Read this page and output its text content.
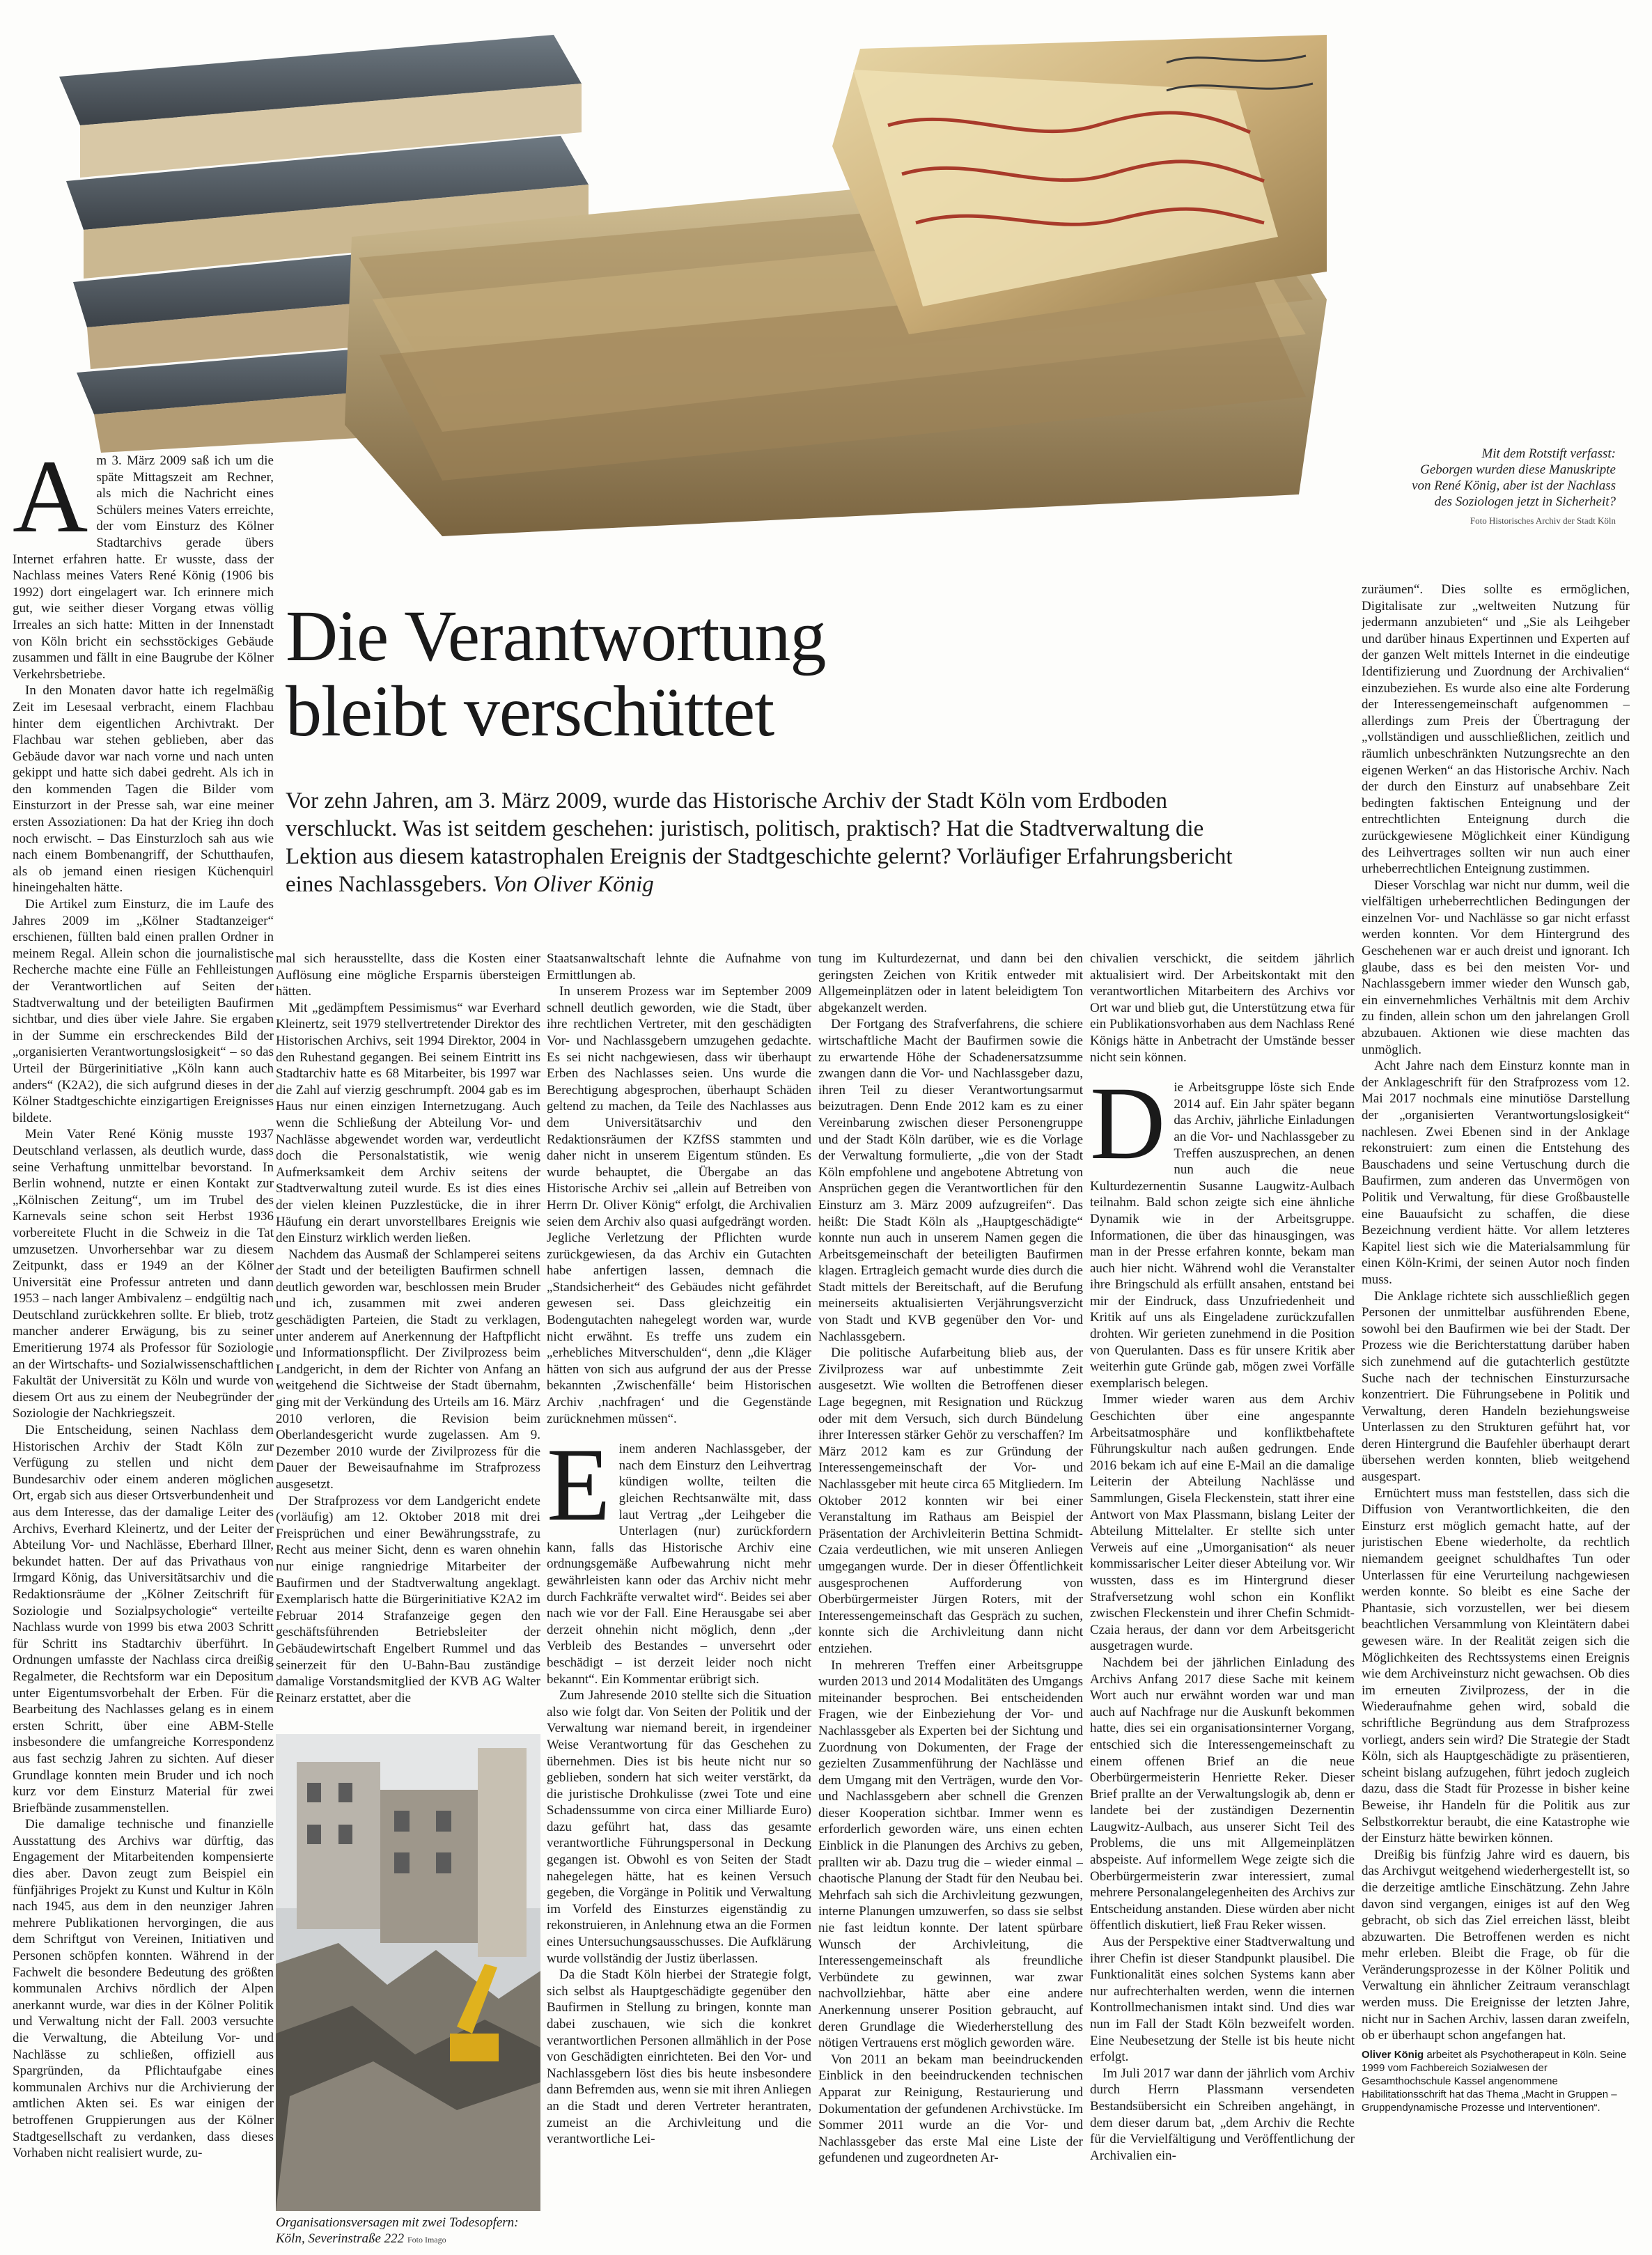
Mit dem Rotstift verfasst:
Geborgen wurden diese Manuskripte
von René König, aber ist der Nachlass
des Soziologen jetzt in Sicherheit?
Foto Historisches Archiv der Stadt Köln
Die Verantwortung
bleibt verschüttet

Vor zehn Jahren, am 3. März 2009, wurde das Historische Archiv der Stadt Köln vom Erdboden verschluckt. Was ist seitdem geschehen: juristisch, politisch, praktisch? Hat die Stadtverwaltung die Lektion aus diesem katastrophalen Ereignis der Stadtgeschichte gelernt? Vorläufiger Erfahrungsbericht eines Nachlassgebers. Von Oliver König

Am 3. März 2009 saß ich um die späte Mittagszeit am Rechner, als mich die Nachricht eines Schülers meines Vaters erreichte, der vom Einsturz des Kölner Stadtarchivs gerade übers Internet erfahren hatte. Er wusste, dass der Nachlass meines Vaters René König (1906 bis 1992) dort eingelagert war. Ich erinnere mich gut, wie seither dieser Vorgang etwas völlig Irreales an sich hatte: Mitten in der Innenstadt von Köln bricht ein sechsstöckiges Gebäude zusammen und fällt in eine Baugrube der Kölner Verkehrsbetriebe.

In den Monaten davor hatte ich regelmäßig Zeit im Lesesaal verbracht, einem Flachbau hinter dem eigentlichen Archivtrakt. Der Flachbau war stehen geblieben, aber das Gebäude davor war nach vorne und nach unten gekippt und hatte sich dabei gedreht. Als ich in den kommenden Tagen die Bilder vom Einsturzort in der Presse sah, war eine meiner ersten Assoziationen: Da hat der Krieg ihn doch noch erwischt. – Das Einsturzloch sah aus wie nach einem Bombenangriff, der Schutthaufen, als ob jemand einen riesigen Küchenquirl hineingehalten hätte.

Die Artikel zum Einsturz, die im Laufe des Jahres 2009 im „Kölner Stadtanzeiger“ erschienen, füllten bald einen prallen Ordner in meinem Regal. Allein schon die journalistische Recherche machte eine Fülle an Fehlleistungen der Verantwortlichen auf Seiten der Stadtverwaltung und der beteiligten Baufirmen sichtbar, und dies über viele Jahre. Sie ergaben in der Summe ein erschreckendes Bild der „organisierten Verantwortungslosigkeit“ – so das Urteil der Bürgerinitiative „Köln kann auch anders“ (K2A2), die sich aufgrund dieses in der Kölner Stadtgeschichte einzigartigen Ereignisses bildete.

Mein Vater René König musste 1937 Deutschland verlassen, als deutlich wurde, dass seine Verhaftung unmittelbar bevorstand. In Berlin wohnend, nutzte er einen Kontakt zur „Kölnischen Zeitung“, um im Trubel des Karnevals seine schon seit Herbst 1936 vorbereitete Flucht in die Schweiz in die Tat umzusetzen. Unvorhersehbar war zu diesem Zeitpunkt, dass er 1949 an der Kölner Universität eine Professur antreten und dann 1953 – nach langer Ambivalenz – endgültig nach Deutschland zurückkehren sollte. Er blieb, trotz mancher anderer Erwägung, bis zu seiner Emeritierung 1974 als Professor für Soziologie an der Wirtschafts- und Sozialwissenschaftlichen Fakultät der Universität zu Köln und wurde von diesem Ort aus zu einem der Neubegründer der Soziologie der Nachkriegszeit.

Die Entscheidung, seinen Nachlass dem Historischen Archiv der Stadt Köln zur Verfügung zu stellen und nicht dem Bundesarchiv oder einem anderen möglichen Ort, ergab sich aus dieser Ortsverbundenheit und aus dem Interesse, das der damalige Leiter des Archivs, Everhard Kleinertz, und der Leiter der Abteilung Vor- und Nachlässe, Eberhard Illner, bekundet hatten. Der auf das Privathaus von Irmgard König, das Universitätsarchiv und die Redaktionsräume der „Kölner Zeitschrift für Soziologie und Sozialpsychologie“ verteilte Nachlass wurde von 1999 bis etwa 2003 Schritt für Schritt ins Stadtarchiv überführt. In Ordnungen umfasste der Nachlass circa dreißig Regalmeter, die Rechtsform war ein Depositum unter Eigentumsvorbehalt der Erben. Für die Bearbeitung des Nachlasses gelang es in einem ersten Schritt, über eine ABM-Stelle insbesondere die umfangreiche Korrespondenz aus fast sechzig Jahren zu sichten. Auf dieser Grundlage konnten mein Bruder und ich noch kurz vor dem Einsturz Material für zwei Briefbände zusammenstellen.

Die damalige technische und finanzielle Ausstattung des Archivs war dürftig, das Engagement der Mitarbeitenden kompensierte dies aber. Davon zeugt zum Beispiel ein fünfjähriges Projekt zu Kunst und Kultur in Köln nach 1945, aus dem in den neunziger Jahren mehrere Publikationen hervorgingen, die aus dem Schriftgut von Vereinen, Initiativen und Personen schöpfen konnten. Während in der Fachwelt die besondere Bedeutung des größten kommunalen Archivs nördlich der Alpen anerkannt wurde, war dies in der Kölner Politik und Verwaltung nicht der Fall. 2003 versuchte die Verwaltung, die Abteilung Vor- und Nachlässe zu schließen, offiziell aus Spargründen, da Pflichtaufgabe eines kommunalen Archivs nur die Archivierung der amtlichen Akten sei. Es war einigen der betroffenen Gruppierungen aus der Kölner Stadtgesellschaft zu verdanken, dass dieses Vorhaben nicht realisiert wurde, zu-

mal sich herausstellte, dass die Kosten einer Auflösung eine mögliche Ersparnis übersteigen hätten.

Mit „gedämpftem Pessimismus“ war Everhard Kleinertz, seit 1979 stellvertretender Direktor des Historischen Archivs, seit 1994 Direktor, 2004 in den Ruhestand gegangen. Bei seinem Eintritt ins Stadtarchiv hatte es 68 Mitarbeiter, bis 1997 war die Zahl auf vierzig geschrumpft. 2004 gab es im Haus nur einen einzigen Internetzugang. Auch wenn die Schließung der Abteilung Vor- und Nachlässe abgewendet worden war, verdeutlicht doch die Personalstatistik, wie wenig Aufmerksamkeit dem Archiv seitens der Stadtverwaltung zuteil wurde. Es ist dies eines der vielen kleinen Puzzlestücke, die in ihrer Häufung ein derart unvorstellbares Ereignis wie den Einsturz wirklich werden ließen.

Nachdem das Ausmaß der Schlamperei seitens der Stadt und der beteiligten Baufirmen schnell deutlich geworden war, beschlossen mein Bruder und ich, zusammen mit zwei anderen geschädigten Parteien, die Stadt zu verklagen, unter anderem auf Anerkennung der Haftpflicht und Informationspflicht. Der Zivilprozess beim Landgericht, in dem der Richter von Anfang an weitgehend die Sichtweise der Stadt übernahm, ging mit der Verkündung des Urteils am 16. März 2010 verloren, die Revision beim Oberlandesgericht wurde zugelassen. Am 9. Dezember 2010 wurde der Zivilprozess für die Dauer der Beweisaufnahme im Strafprozess ausgesetzt.

Der Strafprozess vor dem Landgericht endete (vorläufig) am 12. Oktober 2018 mit drei Freisprüchen und einer Bewährungsstrafe, zu Recht aus meiner Sicht, denn es waren ohnehin nur einige rangniedrige Mitarbeiter der Baufirmen und der Stadtverwaltung angeklagt. Exemplarisch hatte die Bürgerinitiative K2A2 im Februar 2014 Strafanzeige gegen den geschäftsführenden Betriebsleiter der Gebäudewirtschaft Engelbert Rummel und das seinerzeit für den U-Bahn-Bau zuständige damalige Vorstandsmitglied der KVB AG Walter Reinarz erstattet, aber die

Organisationsversagen mit zwei Todesopfern: Köln, Severinstraße 222 Foto Imago

Staatsanwaltschaft lehnte die Aufnahme von Ermittlungen ab.

In unserem Prozess war im September 2009 schnell deutlich geworden, wie die Stadt, über ihre rechtlichen Vertreter, mit den geschädigten Vor- und Nachlassgebern umzugehen gedachte. Es sei nicht nachgewiesen, dass wir überhaupt Erben des Nachlasses seien. Uns wurde die Berechtigung abgesprochen, überhaupt Schäden geltend zu machen, da Teile des Nachlasses aus dem Universitätsarchiv und den Redaktionsräumen der KZfSS stammten und daher nicht in unserem Eigentum stünden. Es wurde behauptet, die Übergabe an das Historische Archiv sei „allein auf Betreiben von Herrn Dr. Oliver König“ erfolgt, die Archivalien seien dem Archiv also quasi aufgedrängt worden. Jegliche Verletzung der Pflichten wurde zurückgewiesen, da das Archiv ein Gutachten habe anfertigen lassen, demnach die „Standsicherheit“ des Gebäudes nicht gefährdet gewesen sei. Dass gleichzeitig ein Bodengutachten nahegelegt worden war, wurde nicht erwähnt. Es treffe uns zudem ein „erhebliches Mitverschulden“, denn „die Kläger hätten von sich aus aufgrund der aus der Presse bekannten ‚Zwischenfälle‘ beim Historischen Archiv ‚nachfragen‘ und die Gegenstände zurücknehmen müssen“.

Einem anderen Nachlassgeber, der nach dem Einsturz den Leihvertrag kündigen wollte, teilten die gleichen Rechtsanwälte mit, dass laut Vertrag „der Leihgeber die Unterlagen (nur) zurückfordern kann, falls das Historische Archiv eine ordnungsgemäße Aufbewahrung nicht mehr gewährleisten kann oder das Archiv nicht mehr durch Fachkräfte verwaltet wird“. Beides sei aber nach wie vor der Fall. Eine Herausgabe sei aber derzeit ohnehin nicht möglich, denn „der Verbleib des Bestandes – unversehrt oder beschädigt – ist derzeit leider noch nicht bekannt“. Ein Kommentar erübrigt sich.

Zum Jahresende 2010 stellte sich die Situation also wie folgt dar. Von Seiten der Politik und der Verwaltung war niemand bereit, in irgendeiner Weise Verantwortung für das Geschehen zu übernehmen. Dies ist bis heute nicht nur so geblieben, sondern hat sich weiter verstärkt, da die juristische Drohkulisse (zwei Tote und eine Schadenssumme von circa einer Milliarde Euro) dazu geführt hat, dass das gesamte verantwortliche Führungspersonal in Deckung gegangen ist. Obwohl es von Seiten der Stadt nahegelegen hätte, hat es keinen Versuch gegeben, die Vorgänge in Politik und Verwaltung im Vorfeld des Einsturzes eigenständig zu rekonstruieren, in Anlehnung etwa an die Formen eines Untersuchungsausschusses. Die Aufklärung wurde vollständig der Justiz überlassen.

Da die Stadt Köln hierbei der Strategie folgt, sich selbst als Hauptgeschädigte gegenüber den Baufirmen in Stellung zu bringen, konnte man dabei zuschauen, wie sich die konkret verantwortlichen Personen allmählich in der Pose von Geschädigten einrichteten. Bei den Vor- und Nachlassgebern löst dies bis heute insbesondere dann Befremden aus, wenn sie mit ihren Anliegen an die Stadt und deren Vertreter herantraten, zumeist an die Archivleitung und die verantwortliche Lei-

tung im Kulturdezernat, und dann bei den geringsten Zeichen von Kritik entweder mit Allgemeinplätzen oder in latent beleidigtem Ton abgekanzelt werden.

Der Fortgang des Strafverfahrens, die schiere wirtschaftliche Macht der Baufirmen sowie die zu erwartende Höhe der Schadenersatzsumme zwangen dann die Vor- und Nachlassgeber dazu, ihren Teil zu dieser Verantwortungsarmut beizutragen. Denn Ende 2012 kam es zu einer Vereinbarung zwischen dieser Personengruppe und der Stadt Köln darüber, wie es die Vorlage der Verwaltung formulierte, „die von der Stadt Köln empfohlene und angebotene Abtretung von Ansprüchen gegen die Verantwortlichen für den Einsturz am 3. März 2009 aufzugreifen“. Das heißt: Die Stadt Köln als „Hauptgeschädigte“ konnte nun auch in unserem Namen gegen die Arbeitsgemeinschaft der beteiligten Baufirmen klagen. Ertragleich gemacht wurde dies durch die Stadt mittels der Bereitschaft, auf die Berufung meinerseits aktualisierten Verjährungsverzicht von Stadt und KVB gegenüber den Vor- und Nachlassgebern.

Die politische Aufarbeitung blieb aus, der Zivilprozess war auf unbestimmte Zeit ausgesetzt. Wie wollten die Betroffenen dieser Lage begegnen, mit Resignation und Rückzug oder mit dem Versuch, sich durch Bündelung ihrer Interessen stärker Gehör zu verschaffen? Im März 2012 kam es zur Gründung der Interessengemeinschaft der Vor- und Nachlassgeber mit heute circa 65 Mitgliedern. Im Oktober 2012 konnten wir bei einer Veranstaltung im Rathaus am Beispiel der Präsentation der Archivleiterin Bettina Schmidt-Czaia verdeutlichen, wie mit unseren Anliegen umgegangen wurde. Der in dieser Öffentlichkeit ausgesprochenen Aufforderung von Oberbürgermeister Jürgen Roters, mit der Interessengemeinschaft das Gespräch zu suchen, konnte sich die Archivleitung dann nicht entziehen.

In mehreren Treffen einer Arbeitsgruppe wurden 2013 und 2014 Modalitäten des Umgangs miteinander besprochen. Bei entscheidenden Fragen, wie der Einbeziehung der Vor- und Nachlassgeber als Experten bei der Sichtung und Zuordnung von Dokumenten, der Frage der gezielten Zusammenführung der Nachlässe und dem Umgang mit den Verträgen, wurde den Vor- und Nachlassgebern aber schnell die Grenzen dieser Kooperation sichtbar. Immer wenn es erforderlich geworden wäre, uns einen echten Einblick in die Planungen des Archivs zu geben, prallten wir ab. Dazu trug die – wieder einmal – chaotische Planung der Stadt für den Neubau bei. Mehrfach sah sich die Archivleitung gezwungen, interne Planungen umzuwerfen, so dass sie selbst nie fast leidtun konnte. Der latent spürbare Wunsch der Archivleitung, die Interessengemeinschaft als freundliche Verbündete zu gewinnen, war zwar nachvollziehbar, hätte aber eine andere Anerkennung unserer Position gebraucht, auf deren Grundlage die Wiederherstellung des nötigen Vertrauens erst möglich geworden wäre.

Von 2011 an bekam man beeindruckenden Einblick in den beeindruckenden technischen Apparat zur Reinigung, Restaurierung und Dokumentation der gefundenen Archivstücke. Im Sommer 2011 wurde an die Vor- und Nachlassgeber das erste Mal eine Liste der gefundenen und zugeordneten Ar-

chivalien verschickt, die seitdem jährlich aktualisiert wird. Der Arbeitskontakt mit den verantwortlichen Mitarbeitern des Archivs vor Ort war und blieb gut, die Unterstützung etwa für ein Publikationsvorhaben aus dem Nachlass René Königs hätte in Anbetracht der Umstände besser nicht sein können.

Die Arbeitsgruppe löste sich Ende 2014 auf. Ein Jahr später begann das Archiv, jährliche Einladungen an die Vor- und Nachlassgeber zu Treffen auszusprechen, an denen nun auch die neue Kulturdezernentin Susanne Laugwitz-Aulbach teilnahm. Bald schon zeigte sich eine ähnliche Dynamik wie in der Arbeitsgruppe. Informationen, die über das hinausgingen, was man in der Presse erfahren konnte, bekam man auch hier nicht. Während wohl die Veranstalter ihre Bringschuld als erfüllt ansahen, entstand bei mir der Eindruck, dass Unzufriedenheit und Kritik auf uns als Eingeladene zurückzufallen drohten. Wir gerieten zunehmend in die Position von Querulanten. Dass es für unsere Kritik aber weiterhin gute Gründe gab, mögen zwei Vorfälle exemplarisch belegen.

Immer wieder waren aus dem Archiv Geschichten über eine angespannte Arbeitsatmosphäre und konfliktbehaftete Führungskultur nach außen gedrungen. Ende 2016 bekam ich auf eine E-Mail an die damalige Leiterin der Abteilung Nachlässe und Sammlungen, Gisela Fleckenstein, statt ihrer eine Antwort von Max Plassmann, bislang Leiter der Abteilung Mittelalter. Er stellte sich unter Verweis auf eine „Umorganisation“ als neuer kommissarischer Leiter dieser Abteilung vor. Wir wussten, dass es im Hintergrund dieser Strafversetzung wohl schon ein Konflikt zwischen Fleckenstein und ihrer Chefin Schmidt-Czaia heraus, der dann vor dem Arbeitsgericht ausgetragen wurde.

Nachdem bei der jährlichen Einladung des Archivs Anfang 2017 diese Sache mit keinem Wort auch nur erwähnt worden war und man auch auf Nachfrage nur die Auskunft bekommen hatte, dies sei ein organisationsinterner Vorgang, entschied sich die Interessengemeinschaft zu einem offenen Brief an die neue Oberbürgermeisterin Henriette Reker. Dieser Brief prallte an der Verwaltungslogik ab, denn er landete bei der zuständigen Dezernentin Laugwitz-Aulbach, aus unserer Sicht Teil des Problems, die uns mit Allgemeinplätzen abspeiste. Auf informellem Wege zeigte sich die Oberbürgermeisterin zwar interessiert, zumal mehrere Personalangelegenheiten des Archivs zur Entscheidung anstanden. Diese würden aber nicht öffentlich diskutiert, ließ Frau Reker wissen.

Aus der Perspektive einer Stadtverwaltung und ihrer Chefin ist dieser Standpunkt plausibel. Die Funktionalität eines solchen Systems kann aber nur aufrechterhalten werden, wenn die internen Kontrollmechanismen intakt sind. Und dies war nun im Fall der Stadt Köln bezweifelt worden. Eine Neubesetzung der Stelle ist bis heute nicht erfolgt.

Im Juli 2017 war dann der jährlich vom Archiv durch Herrn Plassmann versendeten Bestandsübersicht ein Schreiben angehängt, in dem dieser darum bat, „dem Archiv die Rechte für die Vervielfältigung und Veröffentlichung der Archivalien ein-

zuräumen“. Dies sollte es ermöglichen, Digitalisate zur „weltweiten Nutzung für jedermann anzubieten“ und „Sie als Leihgeber und darüber hinaus Expertinnen und Experten auf der ganzen Welt mittels Internet in die eindeutige Identifizierung und Zuordnung der Archivalien“ einzubeziehen. Es wurde also eine alte Forderung der Interessengemeinschaft aufgenommen – allerdings zum Preis der Übertragung der „vollständigen und ausschließlichen, zeitlich und räumlich unbeschränkten Nutzungsrechte an den eigenen Werken“ an das Historische Archiv. Nach der durch den Einsturz auf unabsehbare Zeit bedingten faktischen Enteignung und der entrechtlichten Enteignung durch die zurückgewiesene Möglichkeit einer Kündigung des Leihvertrages sollten wir nun auch einer urheberrechtlichen Enteignung zustimmen.

Dieser Vorschlag war nicht nur dumm, weil die vielfältigen urheberrechtlichen Bedingungen der einzelnen Vor- und Nachlässe so gar nicht erfasst werden konnten. Vor dem Hintergrund des Geschehenen war er auch dreist und ignorant. Ich glaube, dass es bei den meisten Vor- und Nachlassgebern immer wieder den Wunsch gab, ein einvernehmliches Verhältnis mit dem Archiv zu finden, allein schon um den jahrelangen Groll abzubauen. Aktionen wie diese machten das unmöglich.

Acht Jahre nach dem Einsturz konnte man in der Anklageschrift für den Strafprozess vom 12. Mai 2017 nochmals eine minutiöse Darstellung der „organisierten Verantwortungslosigkeit“ nachlesen. Zwei Ebenen sind in der Anklage rekonstruiert: zum einen die Entstehung des Bauschadens und seine Vertuschung durch die Baufirmen, zum anderen das Unvermögen von Politik und Verwaltung, für diese Großbaustelle eine Bauaufsicht zu schaffen, die diese Bezeichnung verdient hätte. Vor allem letzteres Kapitel liest sich wie die Materialsammlung für einen Köln-Krimi, der seinen Autor noch finden muss.

Die Anklage richtete sich ausschließlich gegen Personen der unmittelbar ausführenden Ebene, sowohl bei den Baufirmen wie bei der Stadt. Der Prozess wie die Berichterstattung darüber haben sich zunehmend auf die gutachterlich gestützte Suche nach der technischen Einsturzursache konzentriert. Die Führungsebene in Politik und Verwaltung, deren Handeln beziehungsweise Unterlassen zu den Strukturen geführt hat, vor deren Hintergrund die Baufehler überhaupt derart übersehen werden konnten, blieb weitgehend ausgespart.

Ernüchtert muss man feststellen, dass sich die Diffusion von Verantwortlichkeiten, die den Einsturz erst möglich gemacht hatte, auf der juristischen Ebene wiederholte, da rechtlich niemandem geeignet schuldhaftes Tun oder Unterlassen für eine Verurteilung nachgewiesen werden konnte. So bleibt es eine Sache der Phantasie, sich vorzustellen, wer bei diesem beachtlichen Versammlung von Kleintätern dabei gewesen wäre. In der Realität zeigen sich die Möglichkeiten des Rechtssystems einen Ereignis wie dem Archiveinsturz nicht gewachsen. Ob dies im erneuten Zivilprozess, der in die Wiederaufnahme gehen wird, sobald die schriftliche Begründung aus dem Strafprozess vorliegt, anders sein wird? Die Strategie der Stadt Köln, sich als Hauptgeschädigte zu präsentieren, scheint bislang aufzugehen, führt jedoch zugleich dazu, dass die Stadt für Prozesse in bisher keine Beweise, ihr Handeln für die Politik aus zur Selbstkorrektur beraubt, die eine Katastrophe wie der Einsturz hätte bewirken können.

Dreißig bis fünfzig Jahre wird es dauern, bis das Archivgut weitgehend wiederhergestellt ist, so die derzeitige amtliche Einschätzung. Zehn Jahre davon sind vergangen, einiges ist auf den Weg gebracht, ob sich das Ziel erreichen lässt, bleibt abzuwarten. Die Betroffenen werden es nicht mehr erleben. Bleibt die Frage, ob für die Veränderungsprozesse in der Kölner Politik und Verwaltung ein ähnlicher Zeitraum veranschlagt werden muss. Die Ereignisse der letzten Jahre, nicht nur in Sachen Archiv, lassen daran zweifeln, ob er überhaupt schon angefangen hat.

Oliver König arbeitet als Psychotherapeut in Köln. Seine 1999 vom Fachbereich Sozialwesen der Gesamthochschule Kassel angenommene Habilitationsschrift hat das Thema „Macht in Gruppen – Gruppendynamische Prozesse und Interventionen“.
